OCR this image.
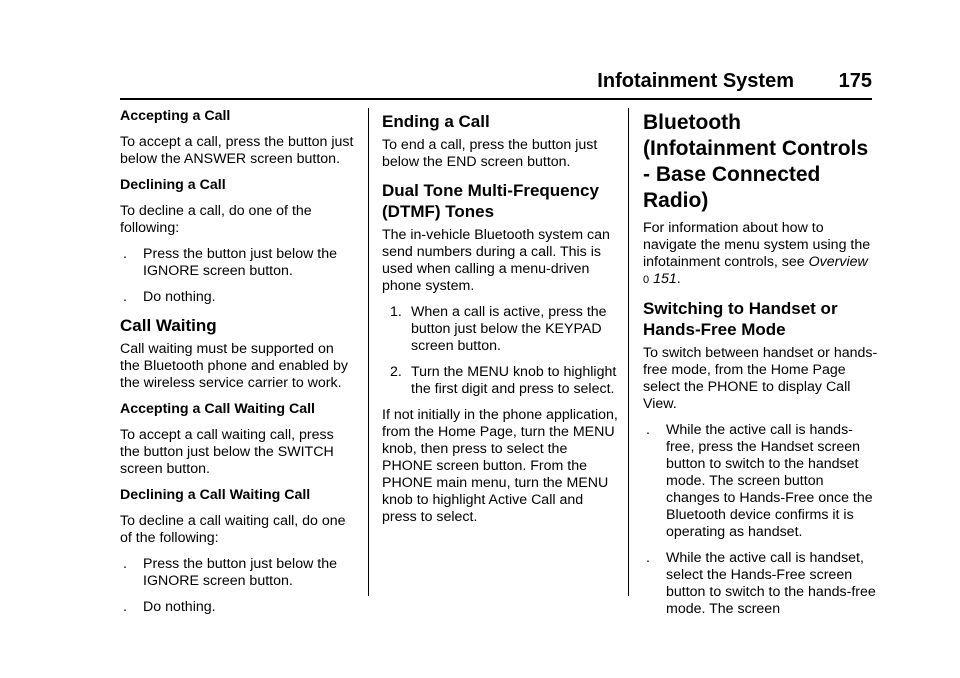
Infotainment System 175

Accepting a Call

To accept a call, press the button just below the ANSWER screen button.

Declining a Call

To decline a call, do one of the following:

. Press the button just below the IGNORE screen button.
. Do nothing.
Call Waiting

Call waiting must be supported on the Bluetooth phone and enabled by the wireless service carrier to work.

Accepting a Call Waiting Call

To accept a call waiting call, press the button just below the SWITCH screen button.

Declining a Call Waiting Call

To decline a call waiting call, do one of the following:

. Press the button just below the IGNORE screen button.
. Do nothing.
Ending a Call

To end a call, press the button just below the END screen button.

Dual Tone Multi-Frequency (DTMF) Tones

The in-vehicle Bluetooth system can send numbers during a call. This is used when calling a menu-driven phone system.

1. When a call is active, press the button just below the KEYPAD screen button.
2. Turn the MENU knob to highlight the first digit and press to select.

If not initially in the phone application, from the Home Page, turn the MENU knob, then press to select the PHONE screen button. From the PHONE main menu, turn the MENU knob to highlight Active Call and press to select.

Bluetooth (Infotainment Controls - Base Connected Radio)

For information about how to navigate the menu system using the infotainment controls, see Overview
0 151.

Switching to Handset or Hands-Free Mode

To switch between handset or hands-free mode, from the Home Page select the PHONE to display Call View.

. While the active call is hands-free, press the Handset screen button to switch to the handset mode. The screen button changes to Hands-Free once the Bluetooth device confirms it is operating as handset.
. While the active call is handset, select the Hands-Free screen button to switch to the hands-free mode. The screen
